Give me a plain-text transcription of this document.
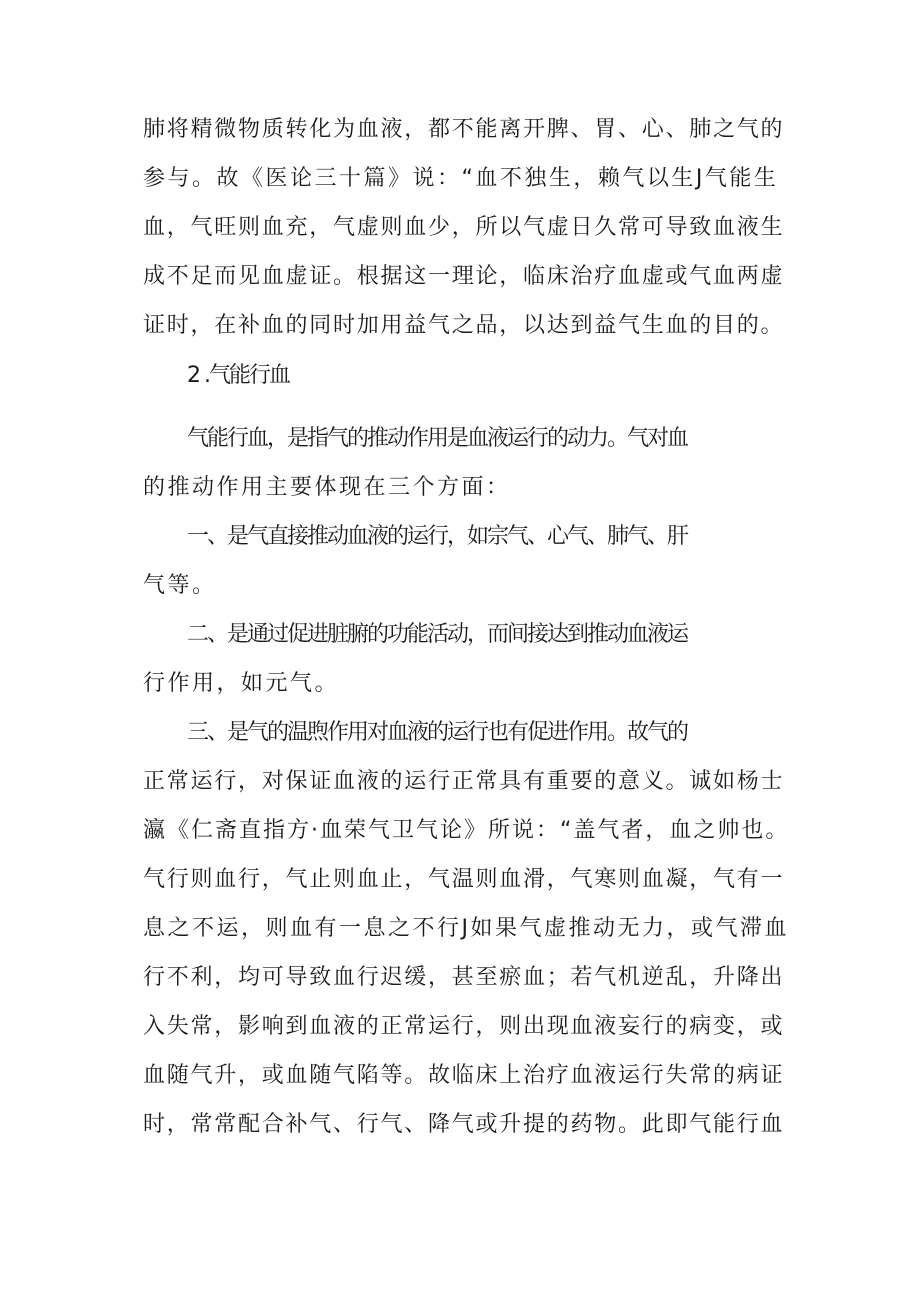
肺将精微物质转化为血液，都不能离开脾、胃、心、肺之气的
参与。故《医论三十篇》说：“血不独生，赖气以生J气能生
血，气旺则血充，气虚则血少，所以气虚日久常可导致血液生
成不足而见血虚证。根据这一理论，临床治疗血虚或气血两虚
证时，在补血的同时加用益气之品，以达到益气生血的目的。
2 .气能行血
气能行血，是指气的推动作用是血液运行的动力。气对血
的推动作用主要体现在三个方面：
一、是气直接推动血液的运行，如宗气、心气、肺气、肝
气等。
二、是通过促进脏腑的功能活动，而间接达到推动血液运
行作用，如元气。
三、是气的温煦作用对血液的运行也有促进作用。故气的
正常运行，对保证血液的运行正常具有重要的意义。诚如杨士
瀛《仁斋直指方·血荣气卫气论》所说：“盖气者，血之帅也。
气行则血行，气止则血止，气温则血滑，气寒则血凝，气有一
息之不运，则血有一息之不行J如果气虚推动无力，或气滞血
行不利，均可导致血行迟缓，甚至瘀血；若气机逆乱，升降出
入失常，影响到血液的正常运行，则出现血液妄行的病变，或
血随气升，或血随气陷等。故临床上治疗血液运行失常的病证
时，常常配合补气、行气、降气或升提的药物。此即气能行血
